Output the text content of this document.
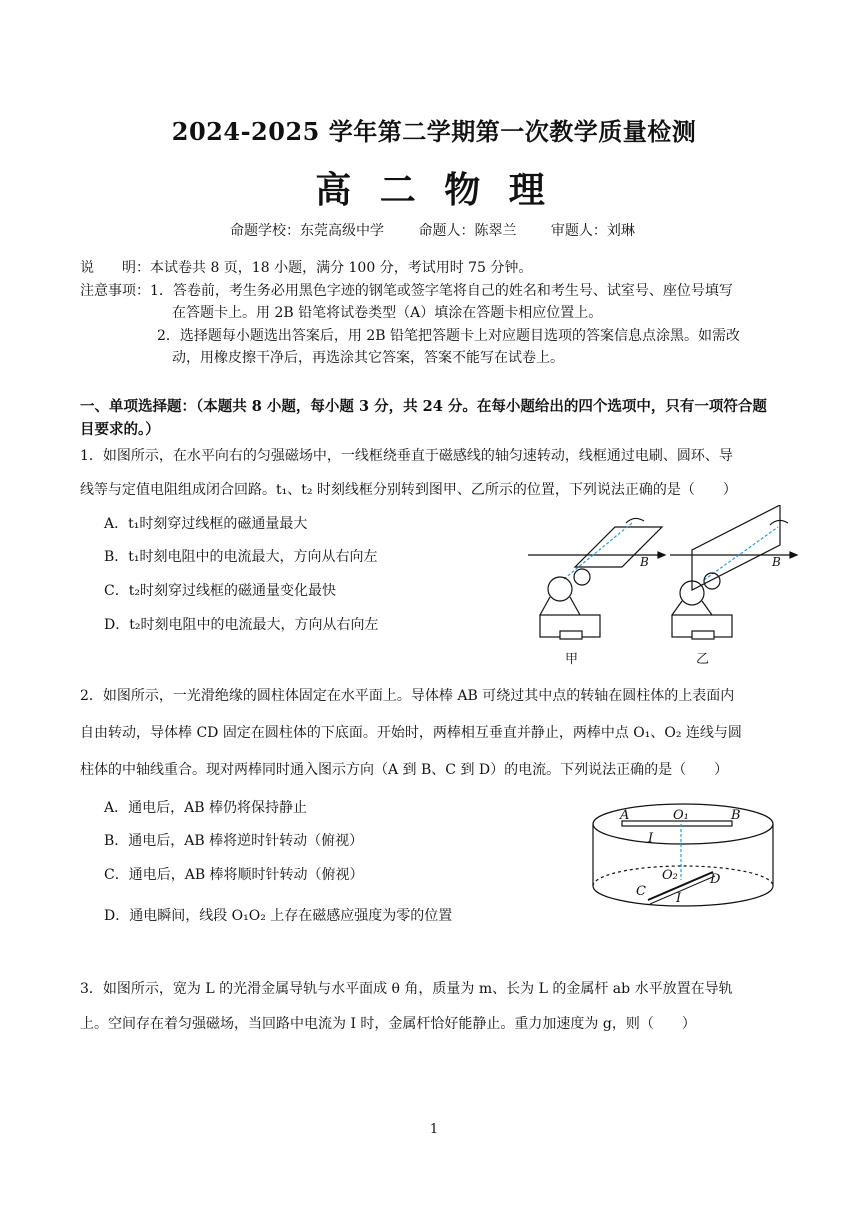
2024-2025 学年第二学期第一次教学质量检测
高 二 物 理
命题学校：东莞高级中学 命题人：陈翠兰 审题人：刘琳
说　　明：本试卷共 8 页，18 小题，满分 100 分，考试用时 75 分钟。
注意事项：1．答卷前，考生务必用黑色字迹的钢笔或签字笔将自己的姓名和考生号、试室号、座位号填写
在答题卡上。用 2B 铅笔将试卷类型（A）填涂在答题卡相应位置上。
2．选择题每小题选出答案后，用 2B 铅笔把答题卡上对应题目选项的答案信息点涂黑。如需改
动，用橡皮擦干净后，再选涂其它答案，答案不能写在试卷上。
一、单项选择题：（本题共 8 小题，每小题 3 分，共 24 分。在每小题给出的四个选项中，只有一项符合题
目要求的。）
1．如图所示，在水平向右的匀强磁场中，一线框绕垂直于磁感线的轴匀速转动，线框通过电刷、圆环、导
线等与定值电阻组成闭合回路。t₁、t₂ 时刻线框分别转到图甲、乙所示的位置，下列说法正确的是（　　）
A．t₁时刻穿过线框的磁通量最大
B．t₁时刻电阻中的电流最大，方向从右向左
C．t₂时刻穿过线框的磁通量变化最快
D．t₂时刻电阻中的电流最大，方向从右向左
B	B
甲	乙
2．如图所示，一光滑绝缘的圆柱体固定在水平面上。导体棒 AB 可绕过其中点的转轴在圆柱体的上表面内
自由转动，导体棒 CD 固定在圆柱体的下底面。开始时，两棒相互垂直并静止，两棒中点 O₁、O₂ 连线与圆
柱体的中轴线重合。现对两棒同时通入图示方向（A 到 B、C 到 D）的电流。下列说法正确的是（　　）
A．通电后，AB 棒仍将保持静止
B．通电后，AB 棒将逆时针转动（俯视）
C．通电后，AB 棒将顺时针转动（俯视）
D．通电瞬间，线段 O₁O₂ 上存在磁感应强度为零的位置
A	O₁	B
I
O₂ D
C I
3．如图所示，宽为 L 的光滑金属导轨与水平面成 θ 角，质量为 m、长为 L 的金属杆 ab 水平放置在导轨
上。空间存在着匀强磁场，当回路中电流为 I 时，金属杆恰好能静止。重力加速度为 g，则（　　）
1
